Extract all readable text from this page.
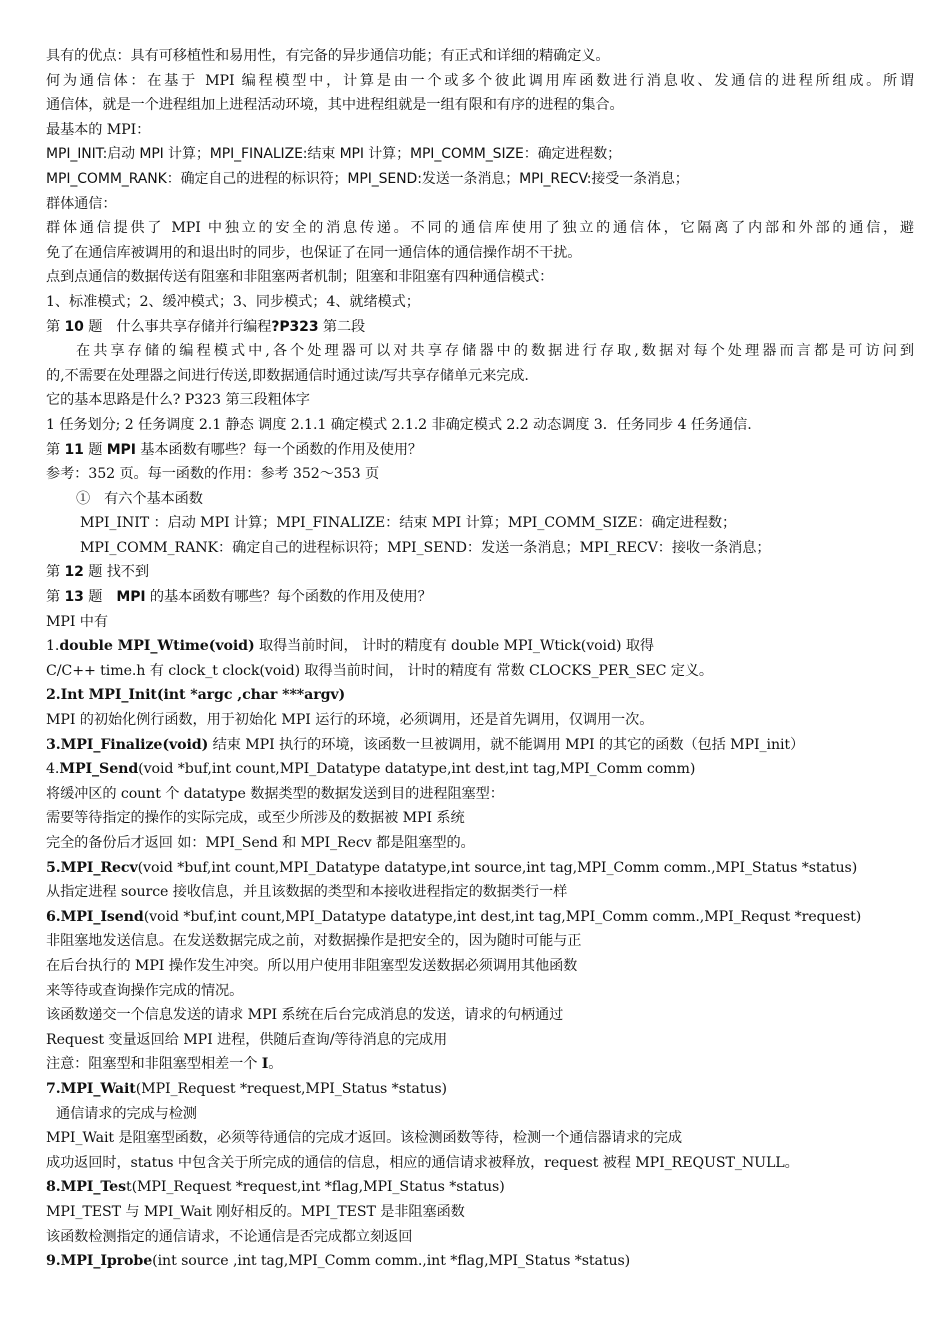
具有的优点：具有可移植性和易用性，有完备的异步通信功能；有正式和详细的精确定义。
何为通信体：在基于 MPI 编程模型中，计算是由一个或多个彼此调用库函数进行消息收、发通信的进程所组成。所谓
通信体，就是一个进程组加上进程活动环境，其中进程组就是一组有限和有序的进程的集合。
最基本的 MPI：
MPI_INIT:启动 MPI 计算；MPI_FINALIZE:结束 MPI 计算；MPI_COMM_SIZE：确定进程数；
MPI_COMM_RANK：确定自己的进程的标识符；MPI_SEND:发送一条消息；MPI_RECV:接受一条消息；
群体通信：
群体通信提供了 MPI 中独立的安全的消息传递。不同的通信库使用了独立的通信体，它隔离了内部和外部的通信，避
免了在通信库被调用的和退出时的同步，也保证了在同一通信体的通信操作胡不干扰。
点到点通信的数据传送有阻塞和非阻塞两者机制；阻塞和非阻塞有四种通信模式：
1、标准模式；2、缓冲模式；3、同步模式；4、就绪模式；
第 10 题　什么事共享存储并行编程?P323 第二段
在共享存储的编程模式中,各个处理器可以对共享存储器中的数据进行存取,数据对每个处理器而言都是可访问到
的,不需要在处理器之间进行传送,即数据通信时通过读/写共享存储单元来完成.
它的基本思路是什么? P323 第三段粗体字
1 任务划分; 2 任务调度 2.1 静态 调度 2.1.1 确定模式 2.1.2 非确定模式 2.2 动态调度 3．任务同步 4 任务通信.
第 11 题 MPI 基本函数有哪些？每一个函数的作用及使用？
参考：352 页。每一函数的作用：参考 352～353 页
①　有六个基本函数
MPI_INIT ：启动 MPI 计算；MPI_FINALIZE：结束 MPI 计算；MPI_COMM_SIZE：确定进程数；
MPI_COMM_RANK：确定自己的进程标识符；MPI_SEND：发送一条消息；MPI_RECV：接收一条消息；
第 12 题 找不到
第 13 题　MPI 的基本函数有哪些？每个函数的作用及使用？
MPI 中有
1.double MPI_Wtime(void) 取得当前时间， 计时的精度有 double MPI_Wtick(void) 取得
C/C++ time.h 有 clock_t clock(void) 取得当前时间， 计时的精度有 常数 CLOCKS_PER_SEC 定义。
2.Int MPI_Init(int *argc ,char ***argv)
MPI 的初始化例行函数，用于初始化 MPI 运行的环境，必须调用，还是首先调用，仅调用一次。
3.MPI_Finalize(void) 结束 MPI 执行的环境，该函数一旦被调用，就不能调用 MPI 的其它的函数（包括 MPI_init）
4.MPI_Send(void *buf,int count,MPI_Datatype datatype,int dest,int tag,MPI_Comm comm)
将缓冲区的 count 个 datatype 数据类型的数据发送到目的进程阻塞型：
需要等待指定的操作的实际完成，或至少所涉及的数据被 MPI 系统
完全的备份后才返回 如：MPI_Send 和 MPI_Recv 都是阻塞型的。
5.MPI_Recv(void *buf,int count,MPI_Datatype datatype,int source,int tag,MPI_Comm comm.,MPI_Status *status)
从指定进程 source 接收信息，并且该数据的类型和本接收进程指定的数据类行一样
6.MPI_Isend(void *buf,int count,MPI_Datatype datatype,int dest,int tag,MPI_Comm comm.,MPI_Requst *request)
非阻塞地发送信息。在发送数据完成之前，对数据操作是把安全的，因为随时可能与正
在后台执行的 MPI 操作发生冲突。所以用户使用非阻塞型发送数据必须调用其他函数
来等待或查询操作完成的情况。
该函数递交一个信息发送的请求 MPI 系统在后台完成消息的发送，请求的句柄通过
Request 变量返回给 MPI 进程，供随后查询/等待消息的完成用
注意：阻塞型和非阻塞型相差一个 I。
7.MPI_Wait(MPI_Request *request,MPI_Status *status)
通信请求的完成与检测
MPI_Wait 是阻塞型函数，必须等待通信的完成才返回。该检测函数等待，检测一个通信器请求的完成
成功返回时，status 中包含关于所完成的通信的信息，相应的通信请求被释放，request 被程 MPI_REQUST_NULL。
8.MPI_Test(MPI_Request *request,int *flag,MPI_Status *status)
MPI_TEST 与 MPI_Wait 刚好相反的。MPI_TEST 是非阻塞函数
该函数检测指定的通信请求，不论通信是否完成都立刻返回
9.MPI_Iprobe(int source ,int tag,MPI_Comm comm.,int *flag,MPI_Status *status)
